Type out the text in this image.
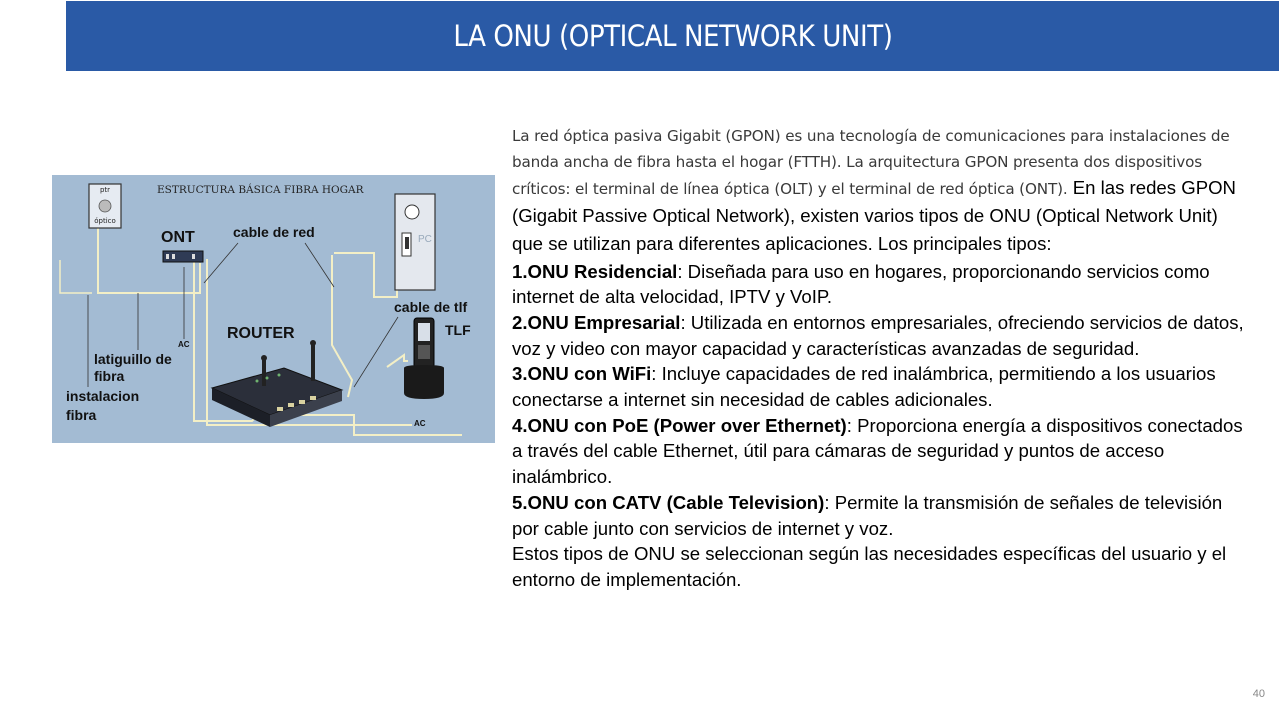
LA ONU (OPTICAL NETWORK UNIT)
ptr
óptico
ESTRUCTURA BÁSICA FIBRA HOGAR
ONT	cable de red	PC
cable de tlf
TLF
ROUTER
AC
AC
latiguillo de
fibra
instalacion
fibra
La red óptica pasiva Gigabit (GPON) es una tecnología de comunicaciones para instalaciones de banda ancha de fibra hasta el hogar (FTTH). La arquitectura GPON presenta dos dispositivos críticos: el terminal de línea óptica (OLT) y el terminal de red óptica (ONT). En las redes GPON (Gigabit Passive Optical Network), existen varios tipos de ONU (Optical Network Unit) que se utilizan para diferentes aplicaciones. Los principales tipos:

1.ONU Residencial: Diseñada para uso en hogares, proporcionando servicios como internet de alta velocidad, IPTV y VoIP.

2.ONU Empresarial: Utilizada en entornos empresariales, ofreciendo servicios de datos, voz y video con mayor capacidad y características avanzadas de seguridad.

3.ONU con WiFi: Incluye capacidades de red inalámbrica, permitiendo a los usuarios conectarse a internet sin necesidad de cables adicionales.

4.ONU con PoE (Power over Ethernet): Proporciona energía a dispositivos conectados a través del cable Ethernet, útil para cámaras de seguridad y puntos de acceso inalámbrico.

5.ONU con CATV (Cable Television): Permite la transmisión de señales de televisión por cable junto con servicios de internet y voz.

Estos tipos de ONU se seleccionan según las necesidades específicas del usuario y el entorno de implementación.

40
